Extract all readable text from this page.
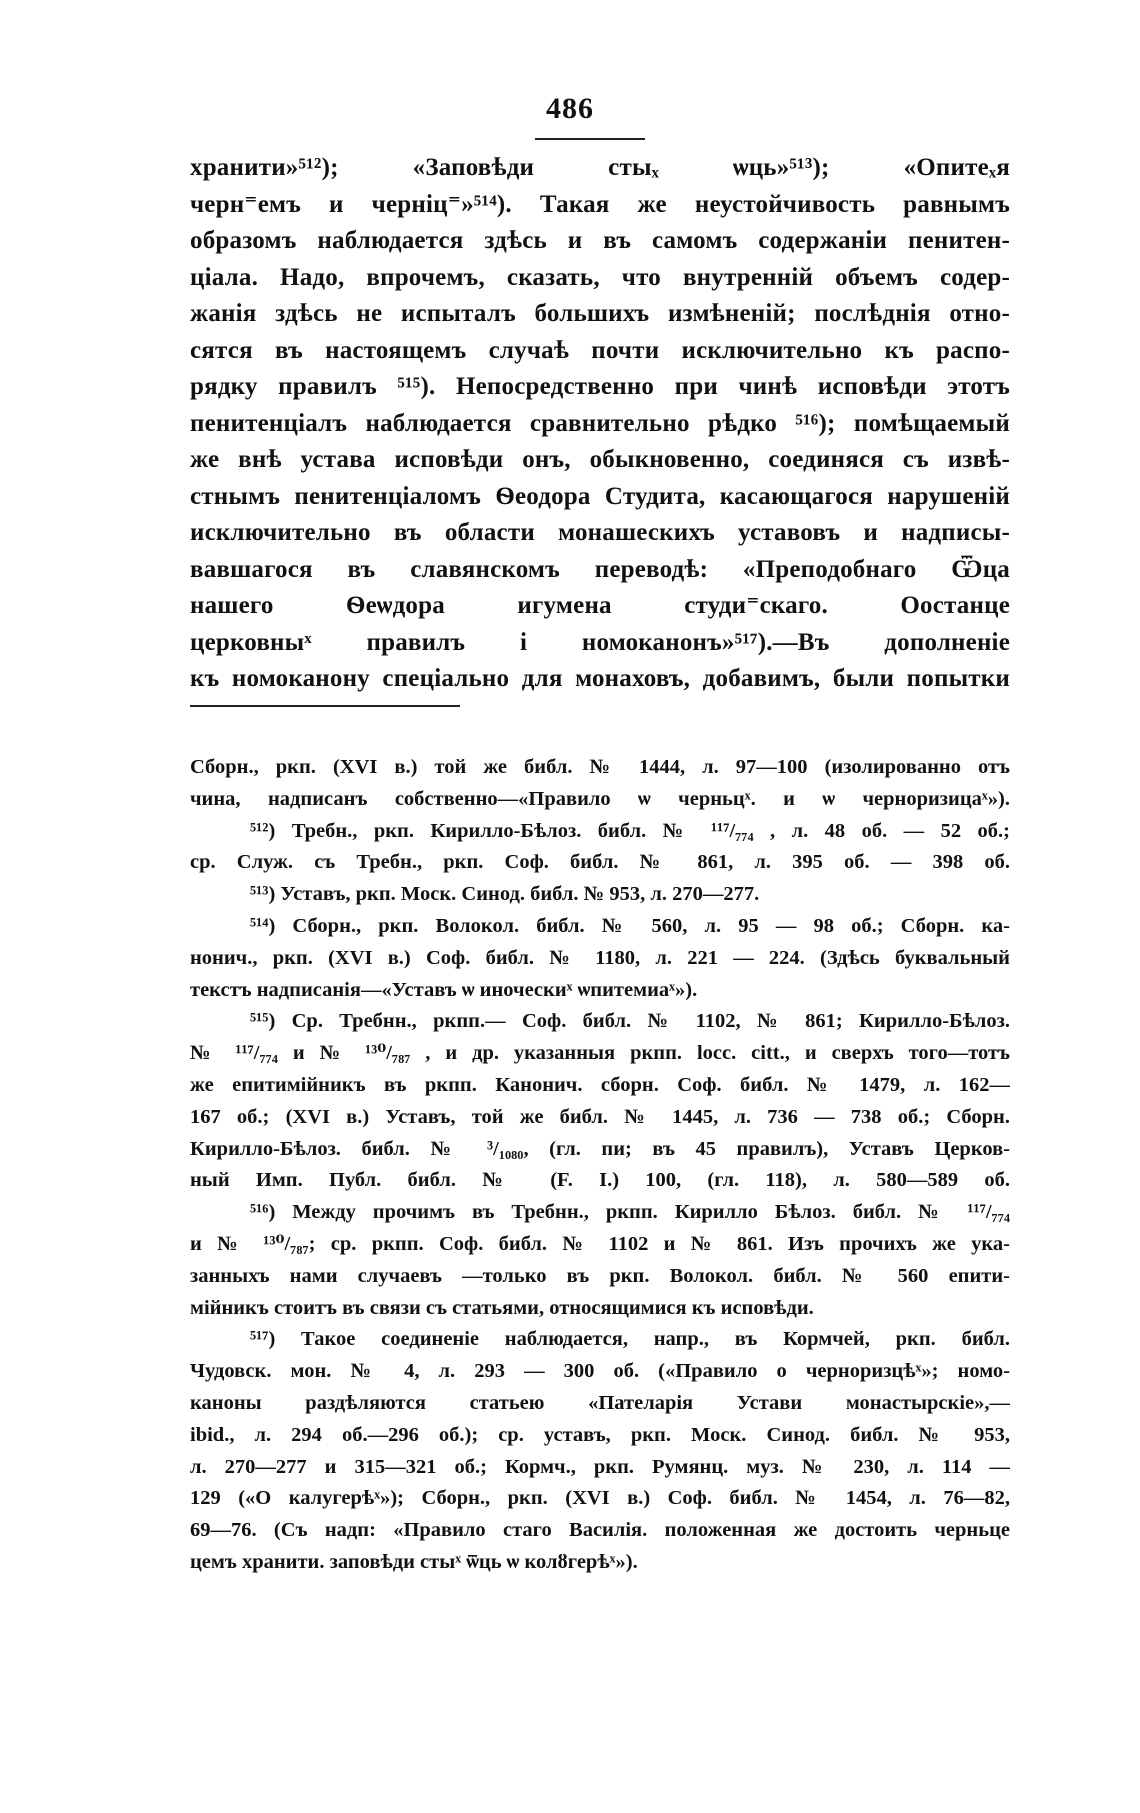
486
хранити»⁵¹²); «Заповѣди стыₓ ѡць»⁵¹³); «Опитеₓя
черн⁼емъ и черніц⁼»⁵¹⁴). Такая же неустойчивость равнымъ
образомъ наблюдается здѣсь и въ самомъ содержаніи пенитен-
ціала. Надо, впрочемъ, сказать, что внутренній объемъ содер-
жанія здѣсь не испыталъ большихъ измѣненій; послѣднія отно-
сятся въ настоящемъ случаѣ почти исключительно къ распо-
рядку правилъ ⁵¹⁵). Непосредственно при чинѣ исповѣди этотъ
пенитенціалъ наблюдается сравнительно рѣдко ⁵¹⁶); помѣщаемый
же внѣ устава исповѣди онъ, обыкновенно, соединяся съ извѣ-
стнымъ пенитенціаломъ Ѳеодора Студита, касающагося нарушеній
исключительно въ области монашескихъ уставовъ и надписы-
вавшагося въ славянскомъ переводѣ: «Преподобнаго Ѿца
нашего Ѳеѡдора игумена студи⁼скаго. Оостанце
церковныˣ правилъ і номоканонъ»⁵¹⁷).—Въ дополненіе
къ номоканону спеціально для монаховъ, добавимъ, были попытки
Сборн., ркп. (XVI в.) той же библ. № 1444, л. 97—100 (изолированно отъ
чина, надписанъ собственно—«Правило ѡ черньцˣ. и ѡ черноризицаˣ»).
⁵¹²) Требн., ркп. Кирилло-Бѣлоз. библ. № ¹¹⁷/₇₇₄ , л. 48 об. — 52 об.;
ср. Служ. съ Требн., ркп. Соф. библ. № 861, л. 395 об. — 398 об.
⁵¹³) Уставъ, ркп. Моск. Синод. библ. № 953, л. 270—277.
⁵¹⁴) Сборн., ркп. Волокол. библ. № 560, л. 95 — 98 об.; Сборн. ка-
нонич., ркп. (XVI в.) Соф. библ. № 1180, л. 221 — 224. (Здѣсь буквальный
текстъ надписанія—«Уставъ ѡ иноческиˣ ѡпитемиаˣ»).
⁵¹⁵) Ср. Требнн., ркпп.— Соф. библ. № 1102, № 861; Кирилло-Бѣлоз.
№ ¹¹⁷/₇₇₄ и № ¹³⁰/₇₈₇ , и др. указанныя ркпп. locc. citt., и сверхъ того—тотъ
же епитимійникъ въ ркпп. Канонич. сборн. Соф. библ. № 1479, л. 162—
167 об.; (XVI в.) Уставъ, той же библ. № 1445, л. 736 — 738 об.; Сборн.
Кирилло-Бѣлоз. библ. № ³/₁₀₈₀, (гл. пи; въ 45 правилъ), Уставъ Церков-
ный Имп. Публ. библ. № (F. I.) 100, (гл. 118), л. 580—589 об.
⁵¹⁶) Между прочимъ въ Требнн., ркпп. Кирилло Бѣлоз. библ. № ¹¹⁷/₇₇₄
и № ¹³⁰/₇₈₇; ср. ркпп. Соф. библ. № 1102 и № 861. Изъ прочихъ же ука-
занныхъ нами случаевъ —только въ ркп. Волокол. библ. № 560 епити-
мійникъ стоитъ въ связи съ статьями, относящимися къ исповѣди.
⁵¹⁷) Такое соединеніе наблюдается, напр., въ Кормчей, ркп. библ.
Чудовск. мон. № 4, л. 293 — 300 об. («Правило о черноризцѣˣ»; номо-
каноны раздѣляются статьею «Пателарія Устави монастырскіе»,—
ibid., л. 294 об.—296 об.); ср. уставъ, ркп. Моск. Синод. библ. № 953,
л. 270—277 и 315—321 об.; Кормч., ркп. Румянц. муз. № 230, л. 114 —
129 («О калугерѣˣ»); Сборн., ркп. (XVI в.) Соф. библ. № 1454, л. 76—82,
69—76. (Съ надп: «Правило стаго Василія. положенная же достоить черньце
цемъ хранити. заповѣди стыˣ ѿць ѡ колȣгерѣˣ»).
